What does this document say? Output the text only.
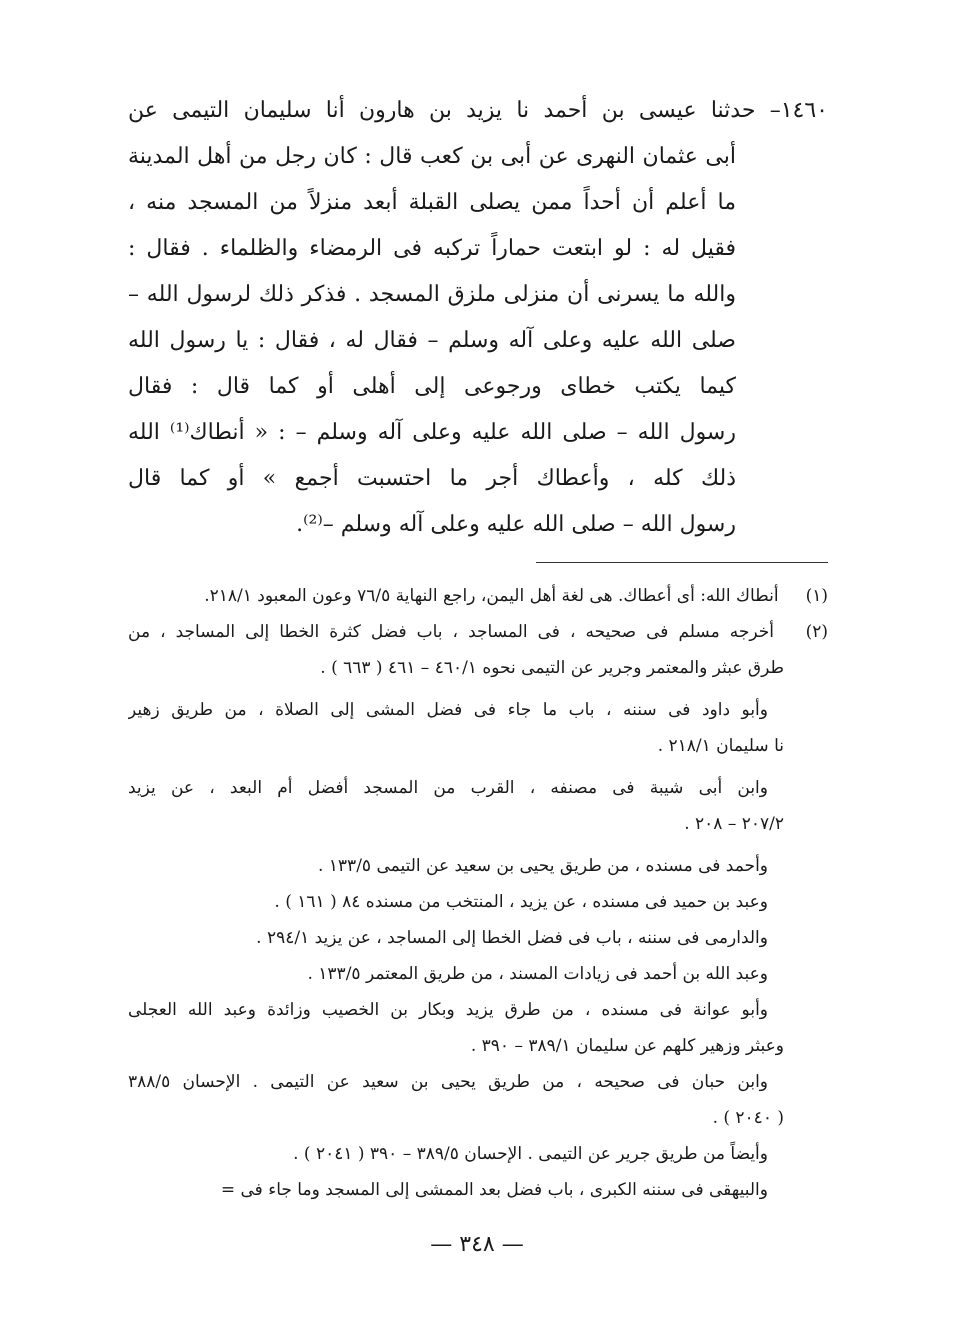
١٤٦٠– حدثنا عيسى بن أحمد نا يزيد بن هارون أنا سليمان التيمى عن
أبى عثمان النهرى عن أبى بن كعب قال : كان رجل من أهل المدينة
ما أعلم أن أحداً ممن يصلى القبلة أبعد منزلاً من المسجد منه ،
فقيل له : لو ابتعت حماراً تركبه فى الرمضاء والظلماء . فقال :
والله ما يسرنى أن منزلى ملزق المسجد . فذكر ذلك لرسول الله –
صلى الله عليه وعلى آله وسلم – فقال له ، فقال : يا رسول الله
كيما يكتب خطاى ورجوعى إلى أهلى أو كما قال : فقال
رسول الله – صلى الله عليه وعلى آله وسلم – : « أنطاك⁽¹⁾ الله
ذلك كله ، وأعطاك أجر ما احتسبت أجمع » أو كما قال
رسول الله – صلى الله عليه وعلى آله وسلم –⁽²⁾.
(١) أنطاك الله: أى أعطاك. هى لغة أهل اليمن، راجع النهاية ٧٦/٥ وعون المعبود ٢١٨/١.
(٢) أخرجه مسلم فى صحيحه ، فى المساجد ، باب فضل كثرة الخطا إلى المساجد ، من
طرق عبثر والمعتمر وجرير عن التيمى نحوه ٤٦٠/١ – ٤٦١ ( ٦٦٣ ) .
وأبو داود فى سننه ، باب ما جاء فى فضل المشى إلى الصلاة ، من طريق زهير
نا سليمان ٢١٨/١ .
وابن أبى شيبة فى مصنفه ، القرب من المسجد أفضل أم البعد ، عن يزيد
٢٠٧/٢ – ٢٠٨ .
وأحمد فى مسنده ، من طريق يحيى بن سعيد عن التيمى ١٣٣/٥ .
وعبد بن حميد فى مسنده ، عن يزيد ، المنتخب من مسنده ٨٤ ( ١٦١ ) .
والدارمى فى سننه ، باب فى فضل الخطا إلى المساجد ، عن يزيد ٢٩٤/١ .
وعبد الله بن أحمد فى زيادات المسند ، من طريق المعتمر ١٣٣/٥ .
وأبو عوانة فى مسنده ، من طرق يزيد وبكار بن الخصيب وزائدة وعبد الله العجلى
وعبثر وزهير كلهم عن سليمان ٣٨٩/١ – ٣٩٠ .
وابن حبان فى صحيحه ، من طريق يحيى بن سعيد عن التيمى . الإحسان ٣٨٨/٥
( ٢٠٤٠ ) .
وأيضاً من طريق جرير عن التيمى . الإحسان ٣٨٩/٥ – ٣٩٠ ( ٢٠٤١ ) .
والبيهقى فى سننه الكبرى ، باب فضل بعد الممشى إلى المسجد وما جاء فى =
— ٣٤٨ —
